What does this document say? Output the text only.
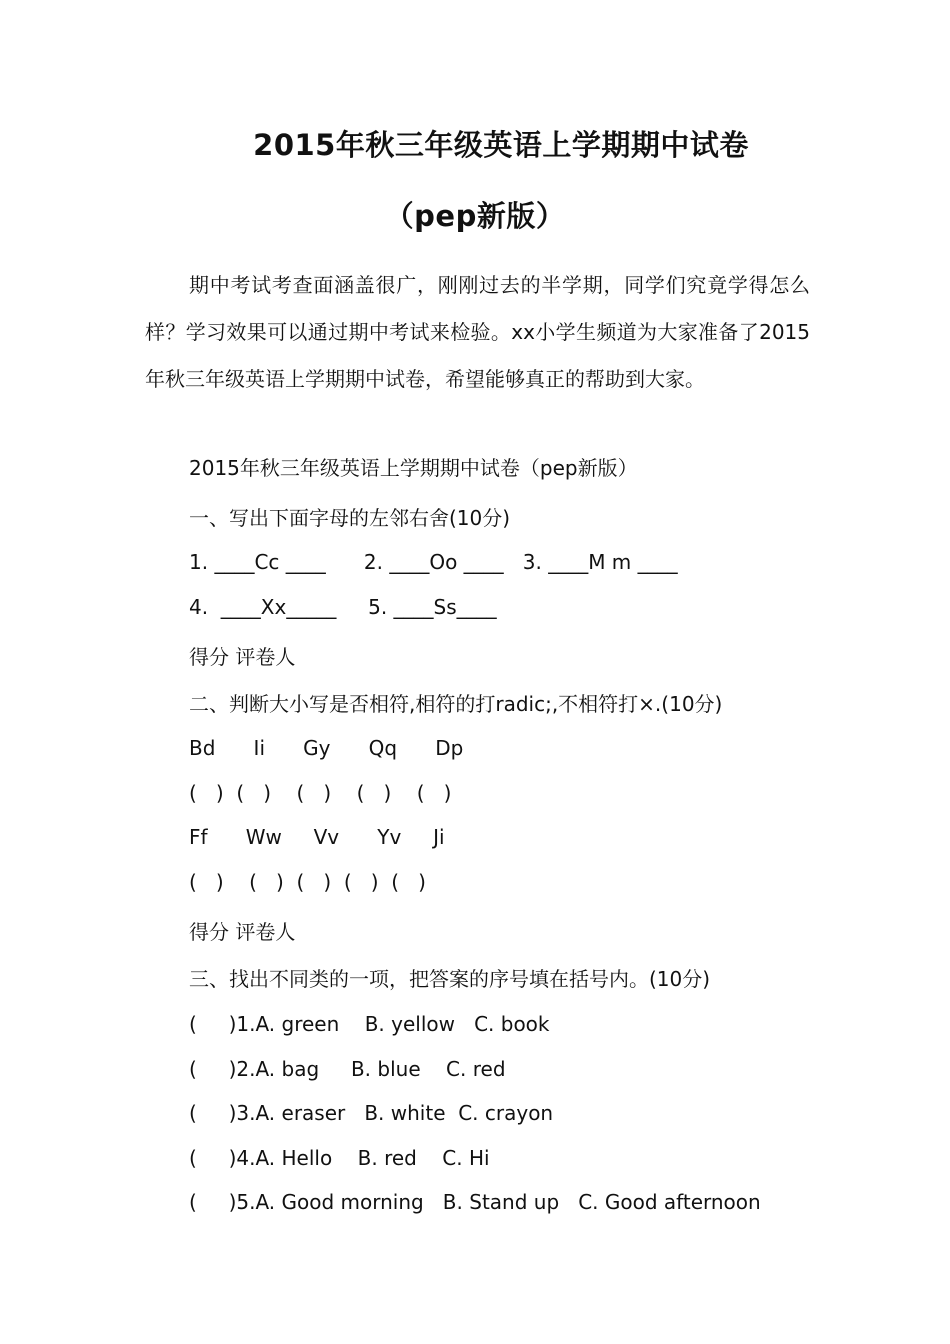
2015年秋三年级英语上学期期中试卷
（pep新版）

期中考试考查面涵盖很广，刚刚过去的半学期，同学们究竟学得怎么样？学习效果可以通过期中考试来检验。xx小学生频道为大家准备了2015年秋三年级英语上学期期中试卷，希望能够真正的帮助到大家。

2015年秋三年级英语上学期期中试卷（pep新版）

一、写出下面字母的左邻右舍(10分)

1. ____Cc ____      2. ____Oo ____   3. ____M m ____

4.  ____Xx_____     5. ____Ss____

得分 评卷人

二、判断大小写是否相符,相符的打radic;,不相符打×.(10分)

Bd      Ii      Gy      Qq      Dp

(   )  (   )    (   )    (   )    (   )

Ff      Ww     Vv      Yv     Ji

(   )    (   )  (   )  (   )  (   )

得分 评卷人

三、找出不同类的一项，把答案的序号填在括号内。(10分)

(     )1.A. green    B. yellow   C. book

(     )2.A. bag     B. blue    C. red

(     )3.A. eraser   B. white  C. crayon

(     )4.A. Hello    B. red    C. Hi

(     )5.A. Good morning   B. Stand up   C. Good afternoon
